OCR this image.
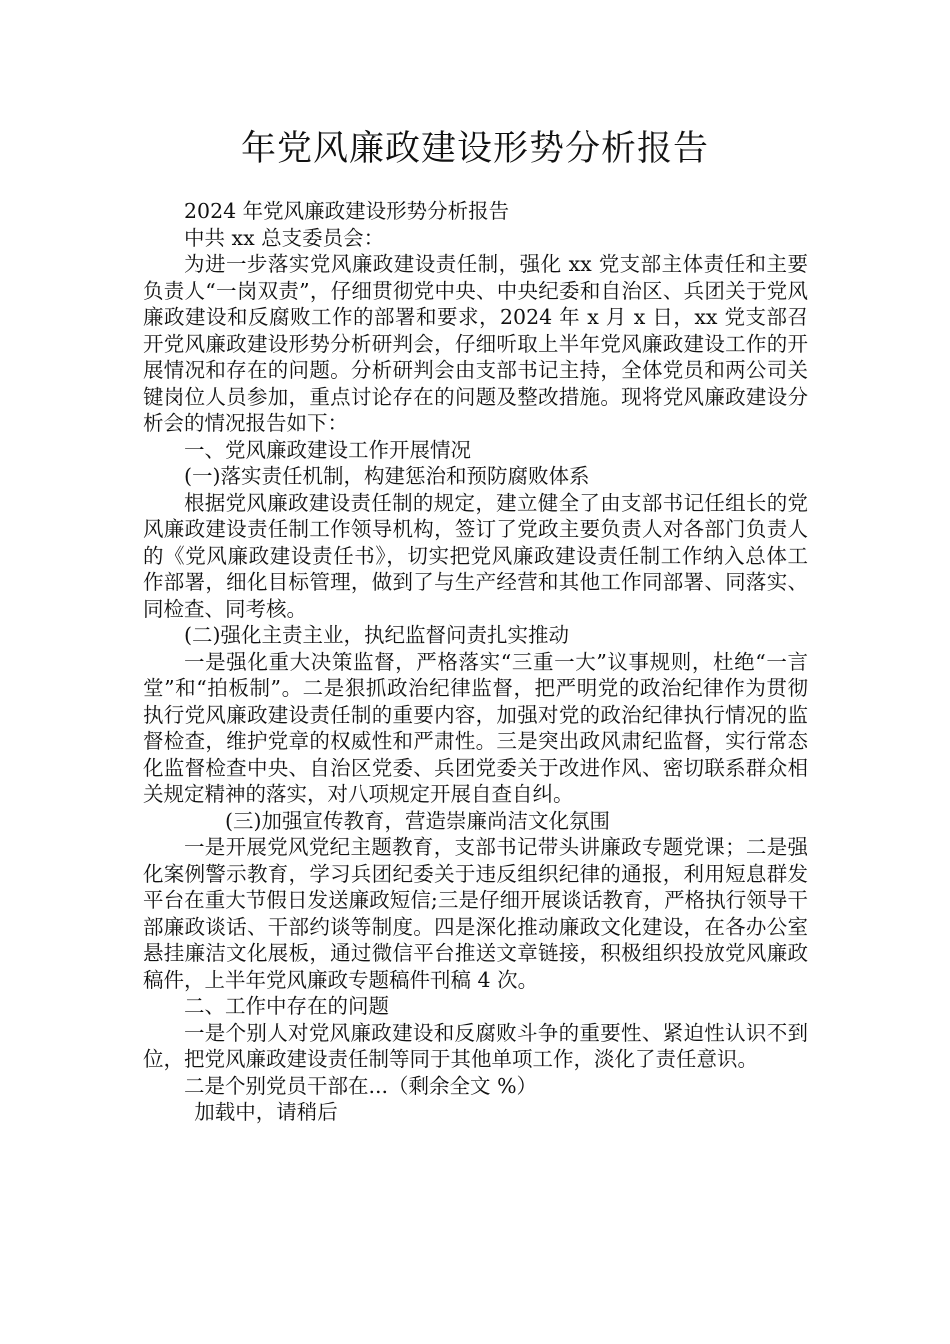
年党风廉政建设形势分析报告

2024 年党风廉政建设形势分析报告

中共 xx 总支委员会：

为进一步落实党风廉政建设责任制，强化 xx 党支部主体责任和主要负责人“一岗双责”，仔细贯彻党中央、中央纪委和自治区、兵团关于党风廉政建设和反腐败工作的部署和要求，2024 年 x 月 x 日，xx 党支部召开党风廉政建设形势分析研判会，仔细听取上半年党风廉政建设工作的开展情况和存在的问题。分析研判会由支部书记主持，全体党员和两公司关键岗位人员参加，重点讨论存在的问题及整改措施。现将党风廉政建设分析会的情况报告如下：

一、党风廉政建设工作开展情况

(一)落实责任机制，构建惩治和预防腐败体系

根据党风廉政建设责任制的规定，建立健全了由支部书记任组长的党风廉政建设责任制工作领导机构，签订了党政主要负责人对各部门负责人的《党风廉政建设责任书》，切实把党风廉政建设责任制工作纳入总体工作部署，细化目标管理，做到了与生产经营和其他工作同部署、同落实、同检查、同考核。

(二)强化主责主业，执纪监督问责扎实推动

一是强化重大决策监督，严格落实“三重一大”议事规则，杜绝“一言堂”和“拍板制”。二是狠抓政治纪律监督，把严明党的政治纪律作为贯彻执行党风廉政建设责任制的重要内容，加强对党的政治纪律执行情况的监督检查，维护党章的权威性和严肃性。三是突出政风肃纪监督，实行常态化监督检查中央、自治区党委、兵团党委关于改进作风、密切联系群众相关规定精神的落实，对八项规定开展自查自纠。

(三)加强宣传教育，营造崇廉尚洁文化氛围

一是开展党风党纪主题教育，支部书记带头讲廉政专题党课；二是强化案例警示教育，学习兵团纪委关于违反组织纪律的通报，利用短息群发平台在重大节假日发送廉政短信;三是仔细开展谈话教育，严格执行领导干部廉政谈话、干部约谈等制度。四是深化推动廉政文化建设，在各办公室悬挂廉洁文化展板，通过微信平台推送文章链接，积极组织投放党风廉政稿件，上半年党风廉政专题稿件刊稿 4 次。

二、工作中存在的问题

一是个别人对党风廉政建设和反腐败斗争的重要性、紧迫性认识不到位，把党风廉政建设责任制等同于其他单项工作，淡化了责任意识。

二是个别党员干部在...（剩余全文 %）

加载中，请稍后
